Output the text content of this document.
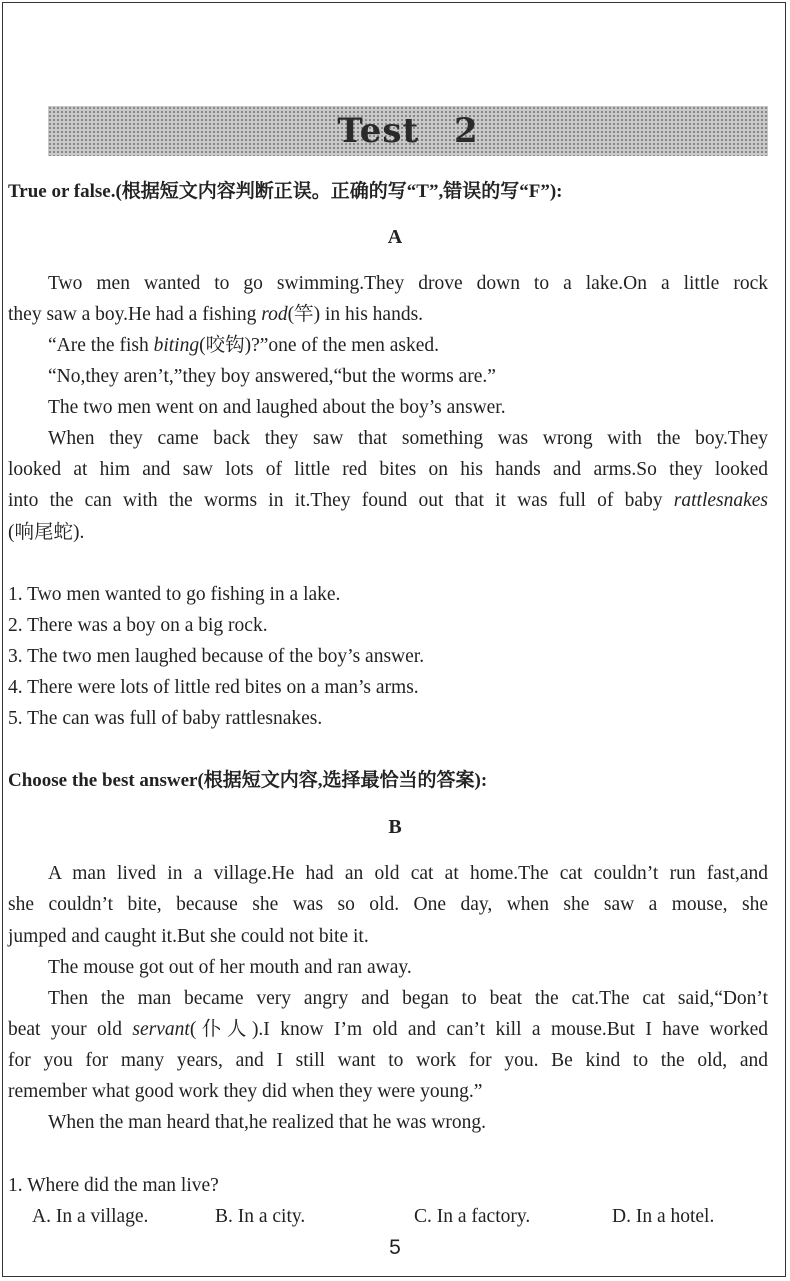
Test 2
True or false.(根据短文内容判断正误。正确的写“T”,错误的写“F”):
A
Two men wanted to go swimming.They drove down to a lake.On a little rock
they saw a boy.He had a fishing rod(竿) in his hands.
“Are the fish biting(咬钩)?”one of the men asked.
“No,they aren’t,”they boy answered,“but the worms are.”
The two men went on and laughed about the boy’s answer.
When they came back they saw that something was wrong with the boy.They
looked at him and saw lots of little red bites on his hands and arms.So they looked
into the can with the worms in it.They found out that it was full of baby rattlesnakes
(响尾蛇).
1. Two men wanted to go fishing in a lake.
2. There was a boy on a big rock.
3. The two men laughed because of the boy’s answer.
4. There were lots of little red bites on a man’s arms.
5. The can was full of baby rattlesnakes.
Choose the best answer(根据短文内容,选择最恰当的答案):
B
A man lived in a village.He had an old cat at home.The cat couldn’t run fast,and
she couldn’t bite, because she was so old. One day, when she saw a mouse, she
jumped and caught it.But she could not bite it.
The mouse got out of her mouth and ran away.
Then the man became very angry and began to beat the cat.The cat said,“Don’t
beat your old servant(仆人).I know I’m old and can’t kill a mouse.But I have worked
for you for many years, and I still want to work for you. Be kind to the old, and
remember what good work they did when they were young.”
When the man heard that,he realized that he was wrong.
1. Where did the man live?
A. In a village.	B. In a city.	C. In a factory.	D. In a hotel.
5
